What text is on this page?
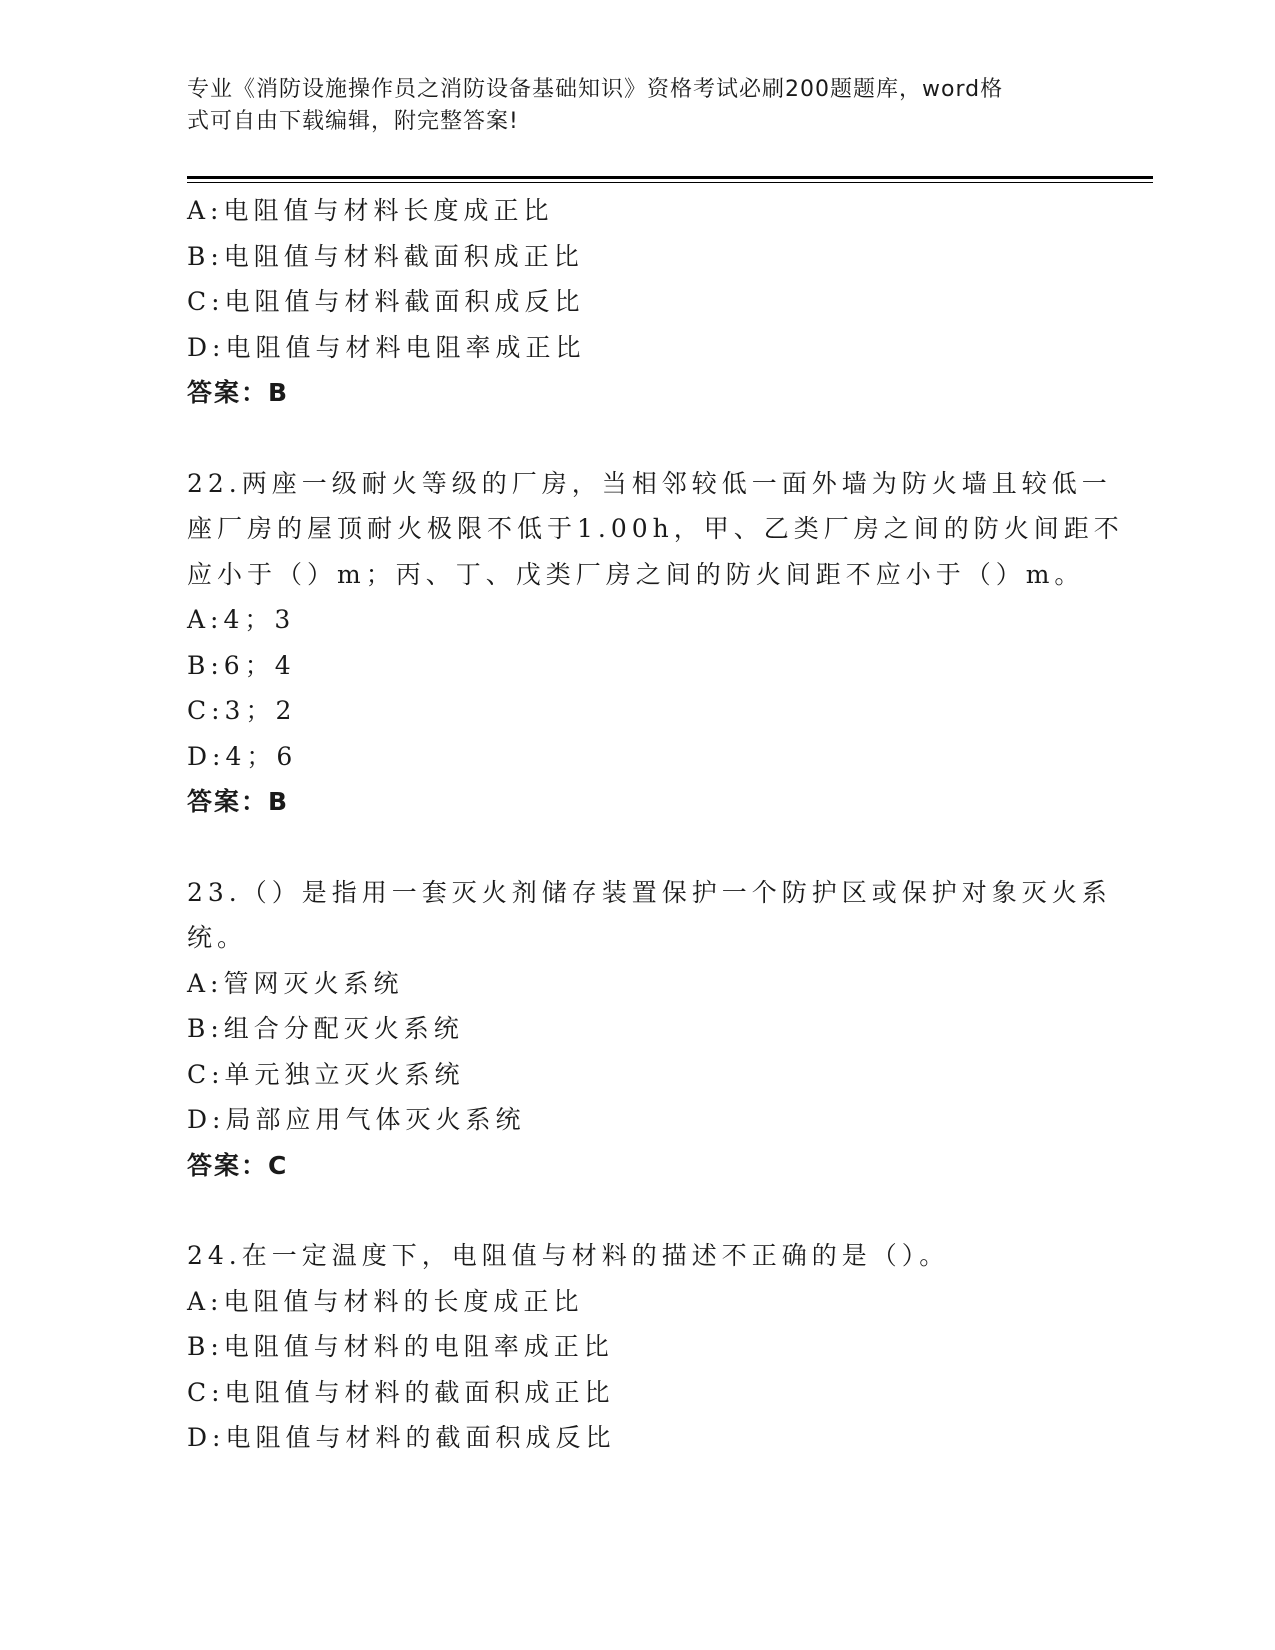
专业《消防设施操作员之消防设备基础知识》资格考试必刷200题题库，word格
式可自由下载编辑，附完整答案!
A:电阻值与材料长度成正比
B:电阻值与材料截面积成正比
C:电阻值与材料截面积成反比
D:电阻值与材料电阻率成正比
答案：B
22.两座一级耐火等级的厂房，当相邻较低一面外墙为防火墙且较低一
座厂房的屋顶耐火极限不低于1.00h，甲、乙类厂房之间的防火间距不
应小于（）m；丙、丁、戊类厂房之间的防火间距不应小于（）m。
A:4；3
B:6；4
C:3；2
D:4；6
答案：B
23.（）是指用一套灭火剂储存装置保护一个防护区或保护对象灭火系
统。
A:管网灭火系统
B:组合分配灭火系统
C:单元独立灭火系统
D:局部应用气体灭火系统
答案：C
24.在一定温度下，电阻值与材料的描述不正确的是（）。
A:电阻值与材料的长度成正比
B:电阻值与材料的电阻率成正比
C:电阻值与材料的截面积成正比
D:电阻值与材料的截面积成反比
